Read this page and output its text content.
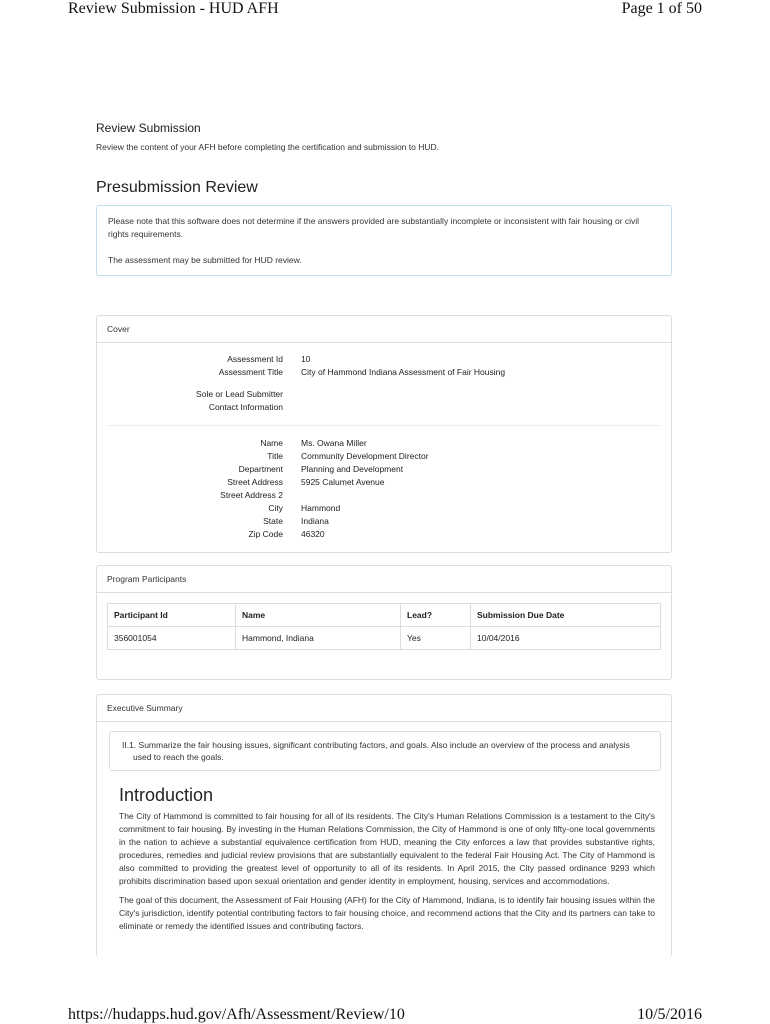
Review Submission - HUD AFH	Page 1 of 50
Review Submission
Review the content of your AFH before completing the certification and submission to HUD.
Presubmission Review

Please note that this software does not determine if the answers provided are substantially incomplete or inconsistent with fair housing or civil rights requirements.

The assessment may be submitted for HUD review.

Cover
Assessment Id 10
Assessment Title City of Hammond Indiana Assessment of Fair Housing
Sole or Lead Submitter
Contact Information
Name Ms. Owana Miller
Title Community Development Director
Department Planning and Development
Street Address 5925 Calumet Avenue
Street Address 2
City Hammond
State Indiana
Zip Code 46320
Program Participants
Participant Id	Name	Lead?	Submission Due Date
356001054	Hammond, Indiana	Yes	10/04/2016
Executive Summary
II.1. Summarize the fair housing issues, significant contributing factors, and goals. Also include an overview of the process and analysis used to reach the goals.
Introduction

The City of Hammond is committed to fair housing for all of its residents. The City's Human Relations Commission is a testament to the City's commitment to fair housing. By investing in the Human Relations Commission, the City of Hammond is one of only fifty-one local governments in the nation to achieve a substantial equivalence certification from HUD, meaning the City enforces a law that provides substantive rights, procedures, remedies and judicial review provisions that are substantially equivalent to the federal Fair Housing Act. The City of Hammond is also committed to providing the greatest level of opportunity to all of its residents. In April 2015, the City passed ordinance 9293 which prohibits discrimination based upon sexual orientation and gender identity in employment, housing, services and accommodations.

The goal of this document, the Assessment of Fair Housing (AFH) for the City of Hammond, Indiana, is to identify fair housing issues within the City's jurisdiction, identify potential contributing factors to fair housing choice, and recommend actions that the City and its partners can take to eliminate or remedy the identified issues and contributing factors.

https://hudapps.hud.gov/Afh/Assessment/Review/10	10/5/2016
